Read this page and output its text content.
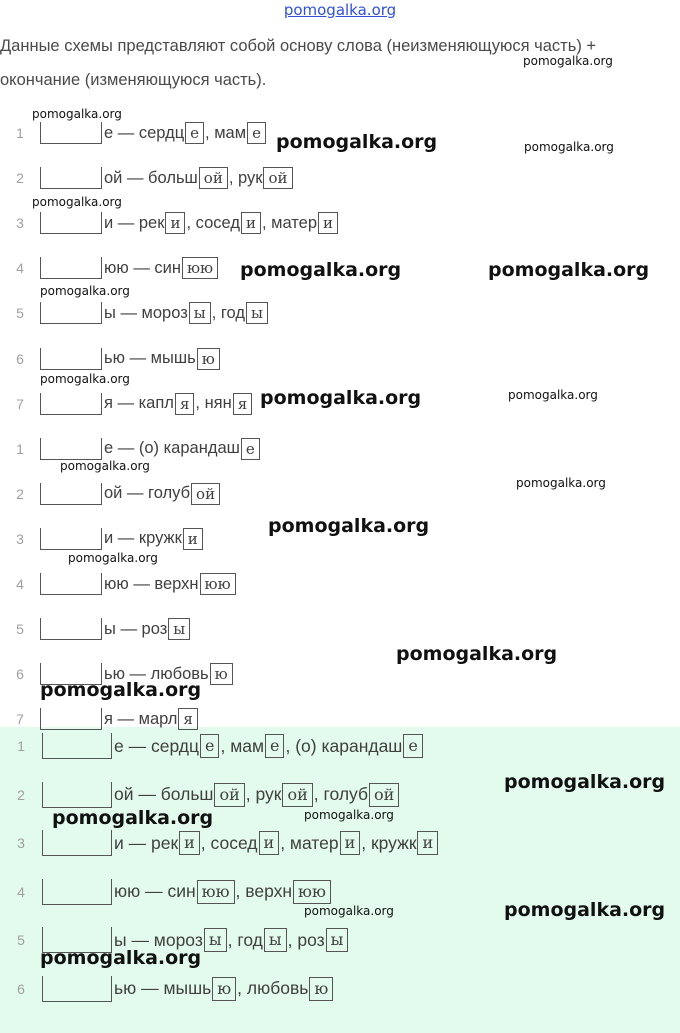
pomogalka.org
Данные схемы представляют собой основу слова (неизменяющуюся часть) + окончание (изменяющуюся часть).
1	е — сердц е , мам е
2	ой — больш ой , рук ой
3	и — рек и , сосед и , матер и
4	юю — син юю
5	ы — мороз ы , год ы
6	ью — мышь ю
7	я — капл я , нян я
1	е — (о) карандаш е
2	ой — голуб ой
3	и — кружк и
4	юю — верхн юю
5	ы — роз ы
6	ью — любовь ю
7	я — марл я
1	е — сердц е , мам е , (о) карандаш е
2	ой — больш ой , рук ой , голуб ой
3	и — рек и , сосед и , матер и , кружк и
4	юю — син юю , верхн юю
5	ы — мороз ы , год ы , роз ы
6	ью — мышь ю , любовь ю
pomogalka.org
pomogalka.org
pomogalka.org	pomogalka.org
pomogalka.org
pomogalka.org	pomogalka.org
pomogalka.org
pomogalka.org
pomogalka.org	pomogalka.org
pomogalka.org
pomogalka.org
pomogalka.org
pomogalka.org
pomogalka.org
pomogalka.org
pomogalka.org
pomogalka.org	pomogalka.org
pomogalka.org	pomogalka.org
pomogalka.org
